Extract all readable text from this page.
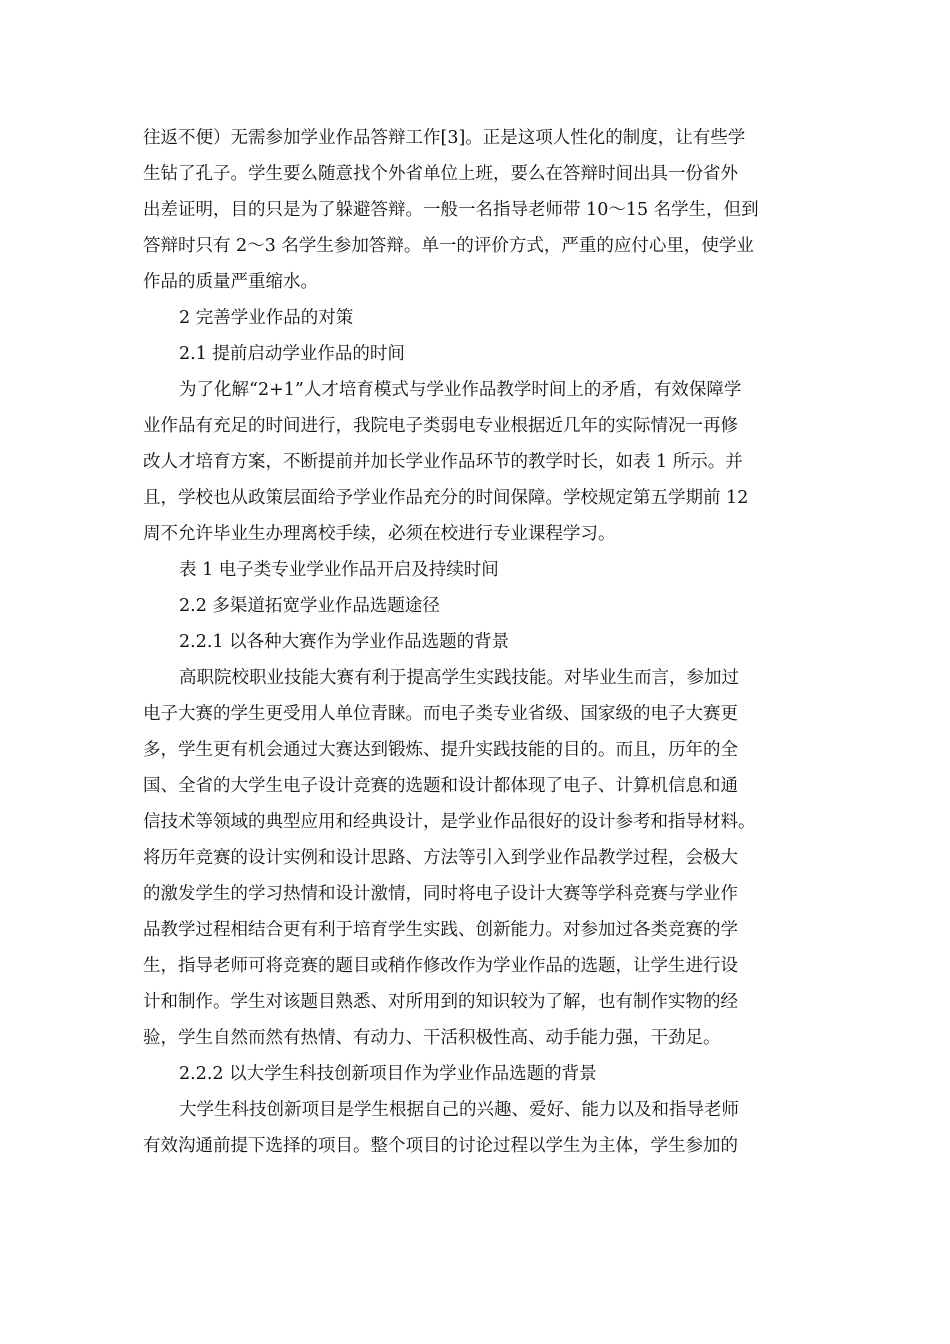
往返不便）无需参加学业作品答辩工作[3]。正是这项人性化的制度，让有些学
生钻了孔子。学生要么随意找个外省单位上班，要么在答辩时间出具一份省外
出差证明，目的只是为了躲避答辩。一般一名指导老师带 10～15 名学生，但到
答辩时只有 2～3 名学生参加答辩。单一的评价方式，严重的应付心里，使学业
作品的质量严重缩水。
2 完善学业作品的对策
2.1 提前启动学业作品的时间
为了化解“2+1”人才培育模式与学业作品教学时间上的矛盾，有效保障学
业作品有充足的时间进行，我院电子类弱电专业根据近几年的实际情况一再修
改人才培育方案，不断提前并加长学业作品环节的教学时长，如表 1 所示。并
且，学校也从政策层面给予学业作品充分的时间保障。学校规定第五学期前 12
周不允许毕业生办理离校手续，必须在校进行专业课程学习。
表 1 电子类专业学业作品开启及持续时间
2.2 多渠道拓宽学业作品选题途径
2.2.1 以各种大赛作为学业作品选题的背景
高职院校职业技能大赛有利于提高学生实践技能。对毕业生而言，参加过
电子大赛的学生更受用人单位青睐。而电子类专业省级、国家级的电子大赛更
多，学生更有机会通过大赛达到锻炼、提升实践技能的目的。而且，历年的全
国、全省的大学生电子设计竞赛的选题和设计都体现了电子、计算机信息和通
信技术等领域的典型应用和经典设计，是学业作品很好的设计参考和指导材料。
将历年竞赛的设计实例和设计思路、方法等引入到学业作品教学过程，会极大
的激发学生的学习热情和设计激情，同时将电子设计大赛等学科竞赛与学业作
品教学过程相结合更有利于培育学生实践、创新能力。对参加过各类竞赛的学
生，指导老师可将竞赛的题目或稍作修改作为学业作品的选题，让学生进行设
计和制作。学生对该题目熟悉、对所用到的知识较为了解，也有制作实物的经
验，学生自然而然有热情、有动力、干活积极性高、动手能力强，干劲足。
2.2.2 以大学生科技创新项目作为学业作品选题的背景
大学生科技创新项目是学生根据自己的兴趣、爱好、能力以及和指导老师
有效沟通前提下选择的项目。整个项目的讨论过程以学生为主体，学生参加的
